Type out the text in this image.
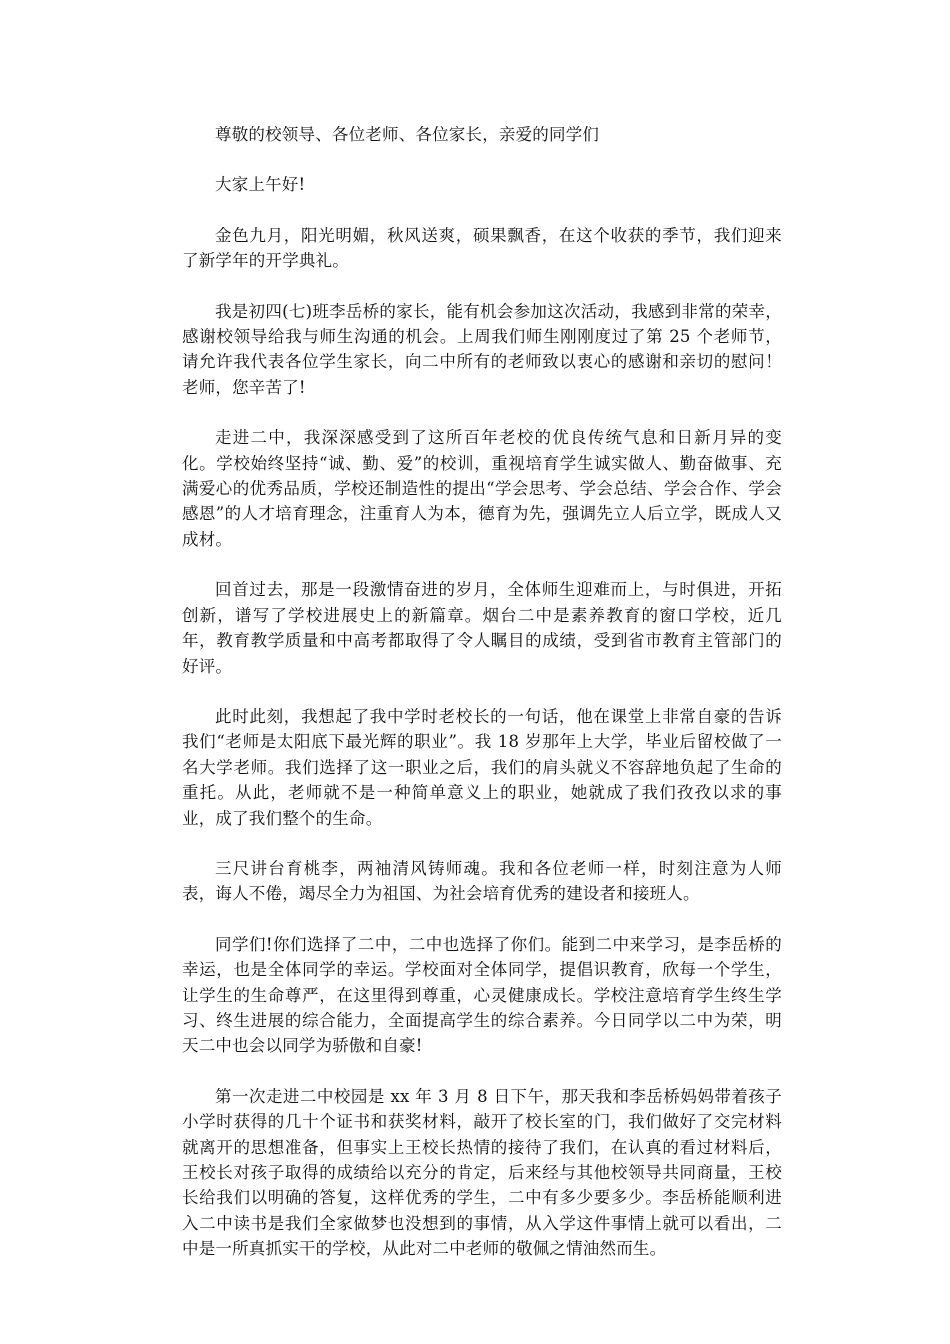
尊敬的校领导、各位老师、各位家长，亲爱的同学们

大家上午好!

金色九月，阳光明媚，秋风送爽，硕果飘香，在这个收获的季节，我们迎来了新学年的开学典礼。

我是初四(七)班李岳桥的家长，能有机会参加这次活动，我感到非常的荣幸，感谢校领导给我与师生沟通的机会。上周我们师生刚刚度过了第 25 个老师节，请允许我代表各位学生家长，向二中所有的老师致以衷心的感谢和亲切的慰问！老师，您辛苦了!

走进二中，我深深感受到了这所百年老校的优良传统气息和日新月异的变化。学校始终坚持“诚、勤、爱”的校训，重视培育学生诚实做人、勤奋做事、充满爱心的优秀品质，学校还制造性的提出“学会思考、学会总结、学会合作、学会感恩”的人才培育理念，注重育人为本，德育为先，强调先立人后立学，既成人又成材。

回首过去，那是一段激情奋进的岁月，全体师生迎难而上，与时俱进，开拓创新，谱写了学校进展史上的新篇章。烟台二中是素养教育的窗口学校，近几年，教育教学质量和中高考都取得了令人瞩目的成绩，受到省市教育主管部门的好评。

此时此刻，我想起了我中学时老校长的一句话，他在课堂上非常自豪的告诉我们“老师是太阳底下最光辉的职业”。我 18 岁那年上大学，毕业后留校做了一名大学老师。我们选择了这一职业之后，我们的肩头就义不容辞地负起了生命的重托。从此，老师就不是一种简单意义上的职业，她就成了我们孜孜以求的事业，成了我们整个的生命。

三尺讲台育桃李，两袖清风铸师魂。我和各位老师一样，时刻注意为人师表，诲人不倦，竭尽全力为祖国、为社会培育优秀的建设者和接班人。

同学们!你们选择了二中，二中也选择了你们。能到二中来学习，是李岳桥的幸运，也是全体同学的幸运。学校面对全体同学，提倡识教育，欣每一个学生，让学生的生命尊严，在这里得到尊重，心灵健康成长。学校注意培育学生终生学习、终生进展的综合能力，全面提高学生的综合素养。今日同学以二中为荣，明天二中也会以同学为骄傲和自豪!

第一次走进二中校园是 xx 年 3 月 8 日下午，那天我和李岳桥妈妈带着孩子小学时获得的几十个证书和获奖材料，敲开了校长室的门，我们做好了交完材料就离开的思想准备，但事实上王校长热情的接待了我们，在认真的看过材料后，王校长对孩子取得的成绩给以充分的肯定，后来经与其他校领导共同商量，王校长给我们以明确的答复，这样优秀的学生，二中有多少要多少。李岳桥能顺利进入二中读书是我们全家做梦也没想到的事情，从入学这件事情上就可以看出，二中是一所真抓实干的学校，从此对二中老师的敬佩之情油然而生。
